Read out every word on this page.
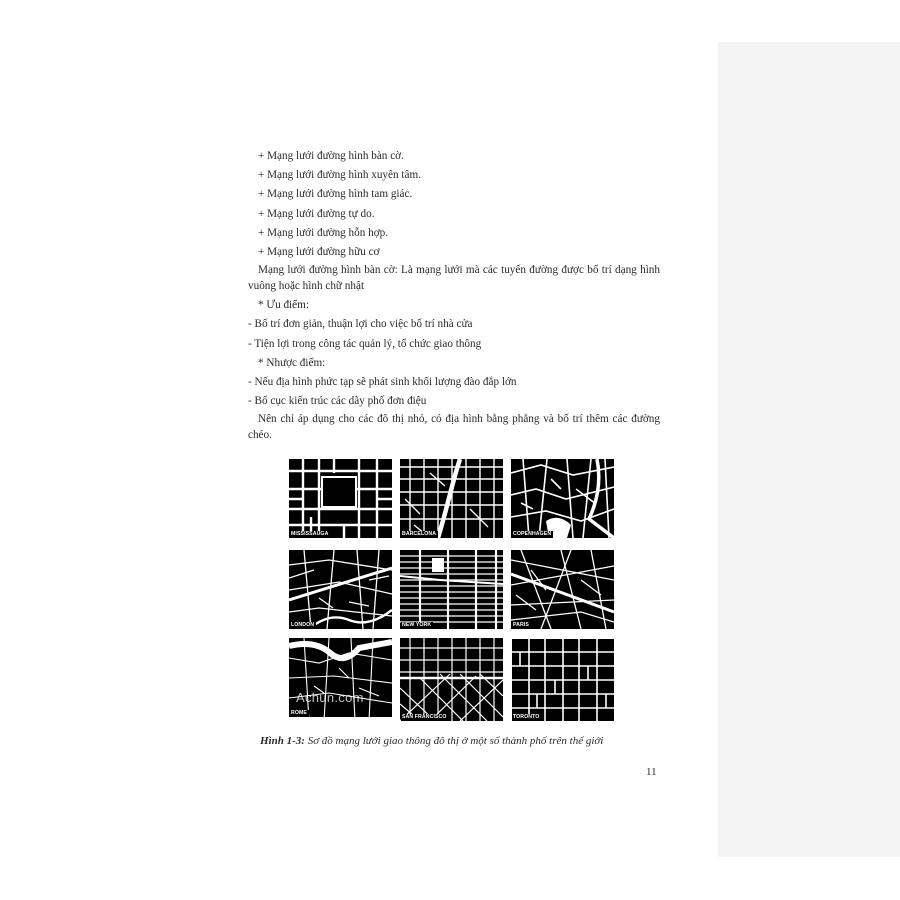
+ Mạng lưới đường hình bàn cờ.
+ Mạng lưới đường hình xuyên tâm.
+ Mạng lưới đường hình tam giác.
+ Mạng lưới đường tự do.
+ Mạng lưới đường hỗn hợp.
+ Mạng lưới đường hữu cơ
Mạng lưới đường hình bàn cờ: Là mạng lưới mà các tuyến đường được bố trí dạng hình vuông hoặc hình chữ nhật
* Ưu điểm:
- Bố trí đơn giản, thuận lợi cho việc bố trí nhà cửa
- Tiện lợi trong công tác quản lý, tổ chức giao thông
* Nhược điểm:
- Nếu địa hình phức tạp sẽ phát sinh khối lượng đào đắp lớn
- Bố cục kiến trúc các dãy phố đơn điệu
Nên chỉ áp dụng cho các đô thị nhỏ, có địa hình bằng phẳng và bố trí thêm các đường chéo.
MISSISSAUGA	BARCELONA	COPENHAGEN
LONDON	NEW YORK	PARIS
ROME
SAN FRANCISCO	TORONTO
Achun.com
Hình 1-3: Sơ đồ mạng lưới giao thông đô thị ở một số thành phố trên thế giới
11
